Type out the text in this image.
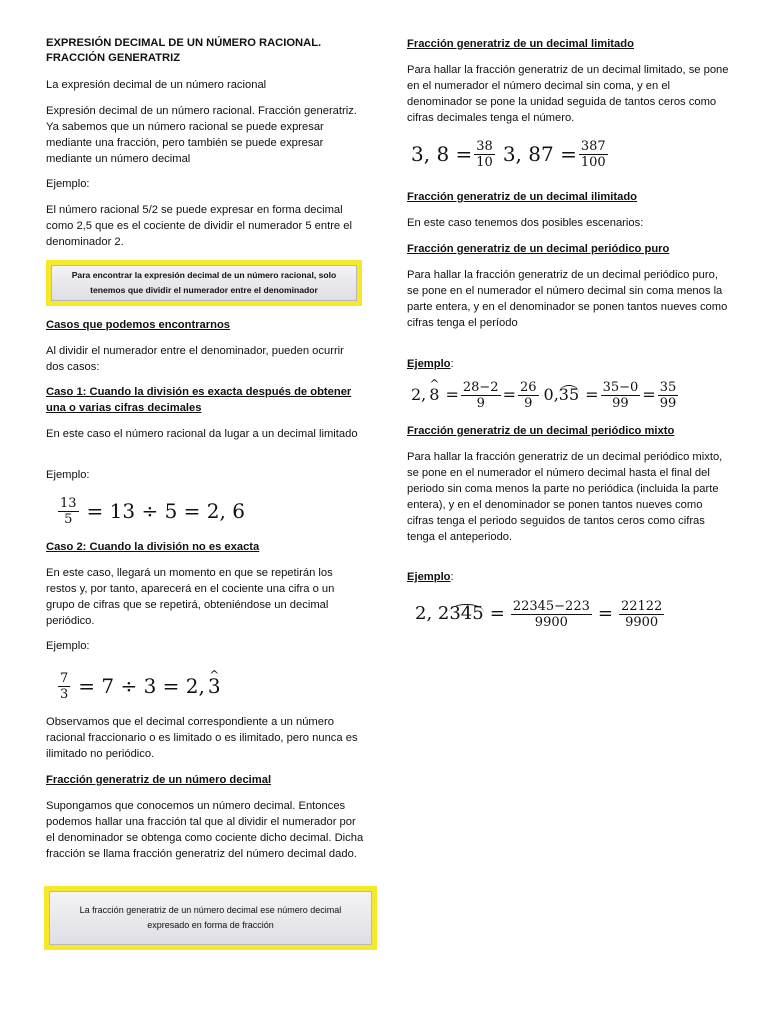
EXPRESIÓN DECIMAL DE UN NÚMERO RACIONAL.
FRACCIÓN GENERATRIZ

La expresión decimal de un número racional

Expresión decimal de un número racional. Fracción generatriz. Ya sabemos que un número racional se puede expresar mediante una fracción, pero también se puede expresar mediante un número decimal

Ejemplo:

El número racional 5/2 se puede expresar en forma decimal como 2,5 que es el cociente de dividir el numerador 5 entre el denominador 2.

Para encontrar la expresión decimal de un número racional, solo tenemos que dividir el numerador entre el denominador

Casos que podemos encontrarnos

Al dividir el numerador entre el denominador, pueden ocurrir dos casos:

Caso 1: Cuando la división es exacta después de obtener una o varias cifras decimales

En este caso el número racional da lugar a un decimal limitado

Ejemplo:

$\frac{13}{5} = 13 \div 5 = 2$, 6

Caso 2: Cuando la división no es exacta

En este caso, llegará un momento en que se repetirán los restos y, por tanto, aparecerá en el cociente una cifra o un grupo de cifras que se repetirá, obteniéndose un decimal periódico.

Ejemplo:

$\frac{7}{3} = 7 \div 3 = 2$, ^ 3

Observamos que el decimal correspondiente a un número racional fraccionario o es limitado o es ilimitado, pero nunca es ilimitado no periódico.

Fracción generatriz de un número decimal

Supongamos que conocemos un número decimal. Entonces podemos hallar una fracción tal que al dividir el numerador por el denominador se obtenga como cociente dicho decimal. Dicha fracción se llama fracción generatriz del número decimal dado.

La fracción generatriz de un número decimal ese número decimal expresado en forma de fracción

Fracción generatriz de un decimal limitado

Para hallar la fracción generatriz de un decimal limitado, se pone en el numerador el número decimal sin coma, y en el denominador se pone la unidad seguida de tantos ceros como cifras decimales tenga el número.

3, $8 = \frac{38}{10} 3$, $87 = \frac{387}{100}$

Fracción generatriz de un decimal ilimitado

En este caso tenemos dos posibles escenarios:

Fracción generatriz de un decimal periódico puro

Para hallar la fracción generatriz de un decimal periódico puro, se pone en el numerador el número decimal sin coma menos la parte entera, y en el denominador se ponen tantos nueves como cifras tenga el período

Ejemplo:

2, ^ $8 = \frac{28-2}{9} = \frac{26}{9} 0$, $35 = \frac{35-0}{99} = \frac{35}{99}$

Fracción generatriz de un decimal periódico mixto

Para hallar la fracción generatriz de un decimal periódico mixto, se pone en el numerador el número decimal hasta el final del periodo sin coma menos la parte no periódica (incluida la parte entera), y en el denominador se ponen tantos nueves como cifras tenga el periodo seguidos de tantos ceros como cifras tenga el anteperiodo.

Ejemplo:

2, 2 $345 = \frac{22345-223}{9900} = \frac{22122}{9900}$
